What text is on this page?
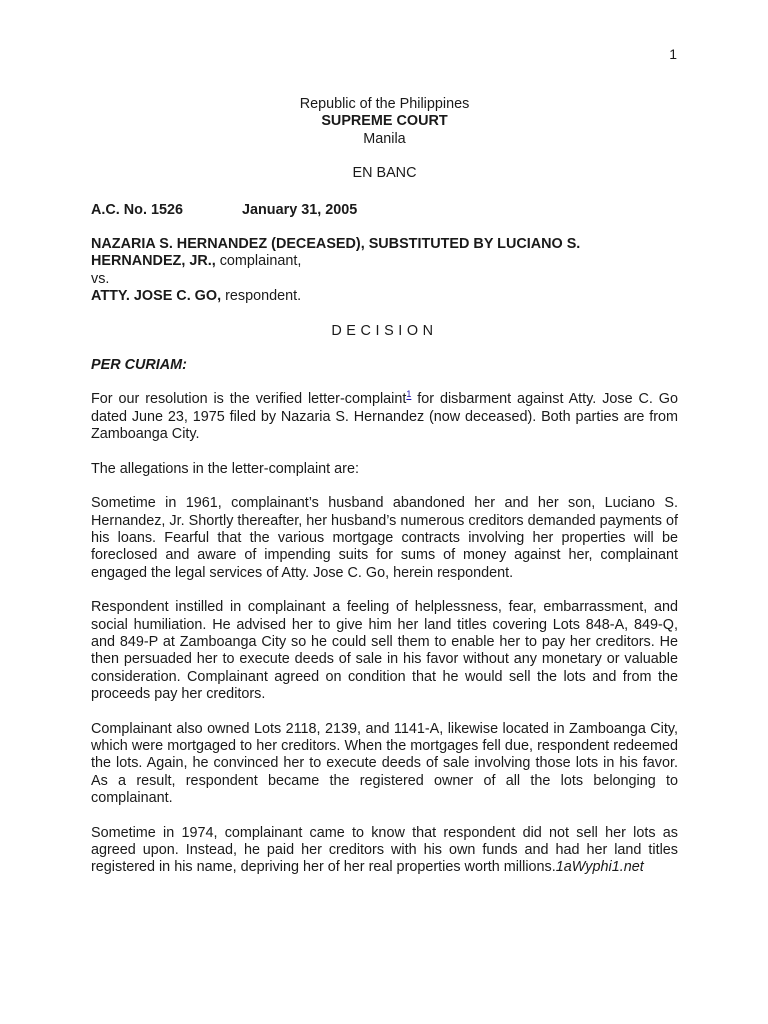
1
Republic of the Philippines
SUPREME COURT
Manila
EN BANC
A.C. No. 1526	January 31, 2005
NAZARIA S. HERNANDEZ (DECEASED), SUBSTITUTED BY LUCIANO S. HERNANDEZ, JR., complainant,
vs.
ATTY. JOSE C. GO, respondent.
DECISION
PER CURIAM:

For our resolution is the verified letter-complaint$^1$ for disbarment against Atty. Jose C. Go dated June 23, 1975 filed by Nazaria S. Hernandez (now deceased). Both parties are from Zamboanga City.

The allegations in the letter-complaint are:

Sometime in 1961, complainant’s husband abandoned her and her son, Luciano S. Hernandez, Jr. Shortly thereafter, her husband’s numerous creditors demanded payments of his loans. Fearful that the various mortgage contracts involving her properties will be foreclosed and aware of impending suits for sums of money against her, complainant engaged the legal services of Atty. Jose C. Go, herein respondent.

Respondent instilled in complainant a feeling of helplessness, fear, embarrassment, and social humiliation. He advised her to give him her land titles covering Lots 848-A, 849-Q, and 849-P at Zamboanga City so he could sell them to enable her to pay her creditors. He then persuaded her to execute deeds of sale in his favor without any monetary or valuable consideration. Complainant agreed on condition that he would sell the lots and from the proceeds pay her creditors.

Complainant also owned Lots 2118, 2139, and 1141-A, likewise located in Zamboanga City, which were mortgaged to her creditors. When the mortgages fell due, respondent redeemed the lots. Again, he convinced her to execute deeds of sale involving those lots in his favor. As a result, respondent became the registered owner of all the lots belonging to complainant.

Sometime in 1974, complainant came to know that respondent did not sell her lots as agreed upon. Instead, he paid her creditors with his own funds and had her land titles registered in his name, depriving her of her real properties worth millions.1aWyphi1.net
